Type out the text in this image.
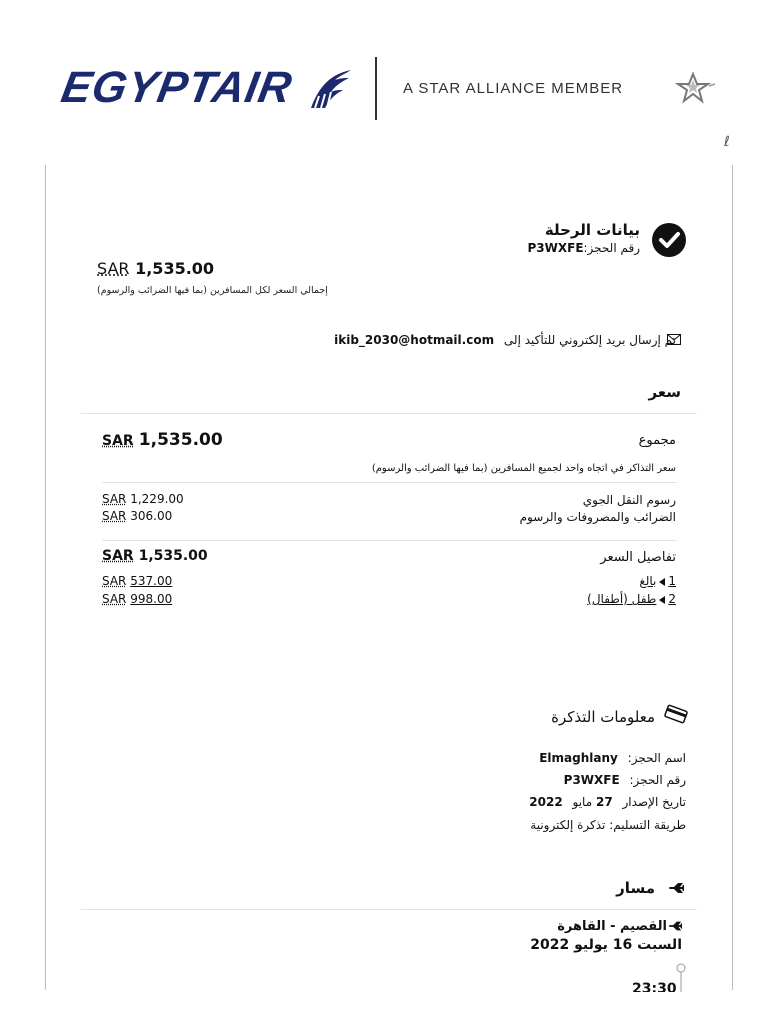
EGYPTAIR	A STAR ALLIANCE MEMBER
ℓ
بيانات الرحلة
رقم الحجز:P3WXFE
SAR 1,535.00
إجمالي السعر لكل المسافرين (بما فيها الضرائب والرسوم)
تم إرسال بريد إلكتروني للتأكيد إلى ikib_2030@hotmail.com
سعر
مجموع
SAR 1,535.00
سعر التذاكر في اتجاه واحد لجميع المسافرين (بما فيها الضرائب والرسوم)
رسوم النقل الجوي
SAR 1,229.00
الضرائب والمصروفات والرسوم
SAR 306.00
تفاصيل السعر
SAR 1,535.00
1بالغ
SAR 537.00
2طفل (أطفال)
SAR 998.00
معلومات التذكرة
اسم الحجز: Elmaghlany
رقم الحجز: P3WXFE
تاريخ الإصدار 27 مايو 2022
طريقة التسليم: تذكرة إلكترونية
مسار
القصيم - القاهرة
السبت 16 يوليو 2022
23:30
